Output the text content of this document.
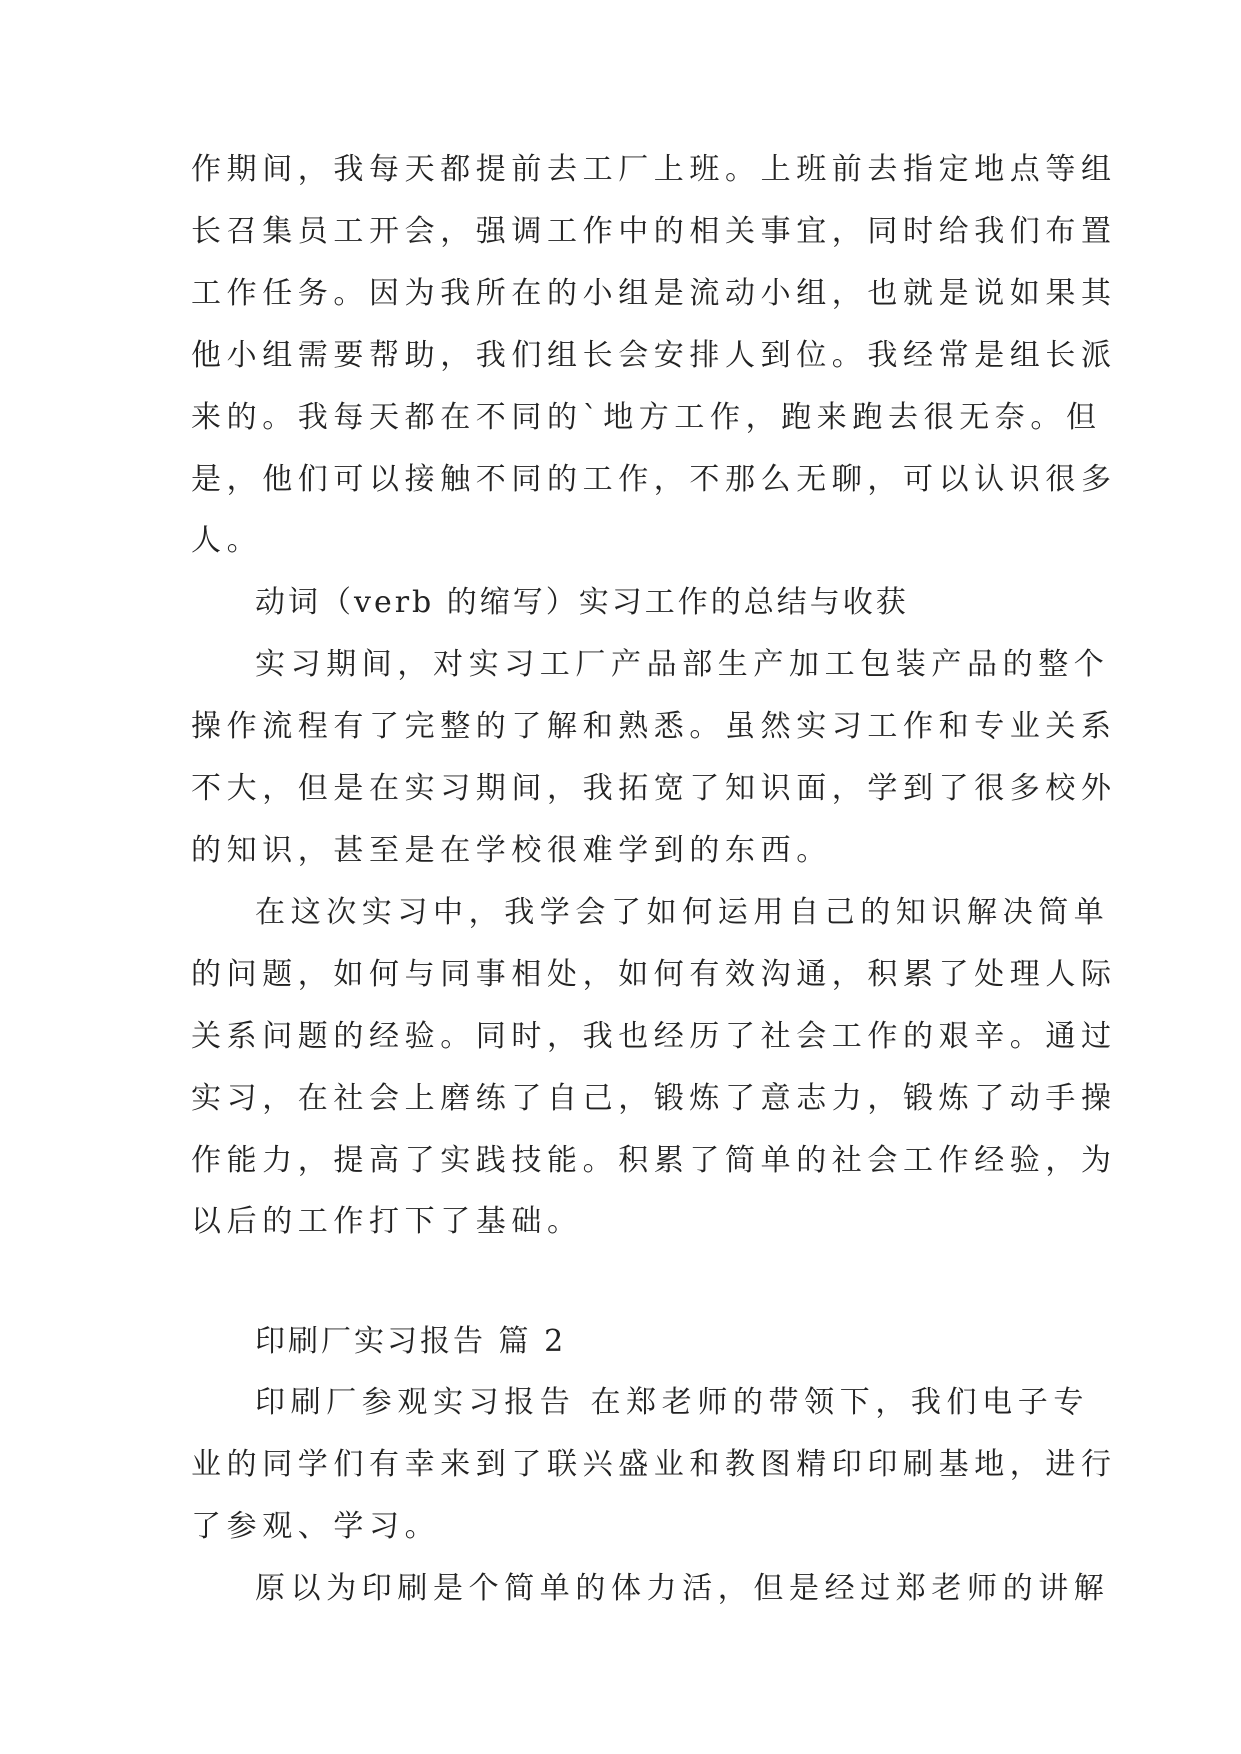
作期间，我每天都提前去工厂上班。上班前去指定地点等组
长召集员工开会，强调工作中的相关事宜，同时给我们布置
工作任务。因为我所在的小组是流动小组，也就是说如果其
他小组需要帮助，我们组长会安排人到位。我经常是组长派
来的。我每天都在不同的`地方工作，跑来跑去很无奈。但
是，他们可以接触不同的工作，不那么无聊，可以认识很多
人。
动词（verb 的缩写）实习工作的总结与收获
实习期间，对实习工厂产品部生产加工包装产品的整个
操作流程有了完整的了解和熟悉。虽然实习工作和专业关系
不大，但是在实习期间，我拓宽了知识面，学到了很多校外
的知识，甚至是在学校很难学到的东西。
在这次实习中，我学会了如何运用自己的知识解决简单
的问题，如何与同事相处，如何有效沟通，积累了处理人际
关系问题的经验。同时，我也经历了社会工作的艰辛。通过
实习，在社会上磨练了自己，锻炼了意志力，锻炼了动手操
作能力，提高了实践技能。积累了简单的社会工作经验，为
以后的工作打下了基础。
印刷厂实习报告 篇 2
印刷厂参观实习报告 在郑老师的带领下，我们电子专
业的同学们有幸来到了联兴盛业和教图精印印刷基地，进行
了参观、学习。
原以为印刷是个简单的体力活，但是经过郑老师的讲解
